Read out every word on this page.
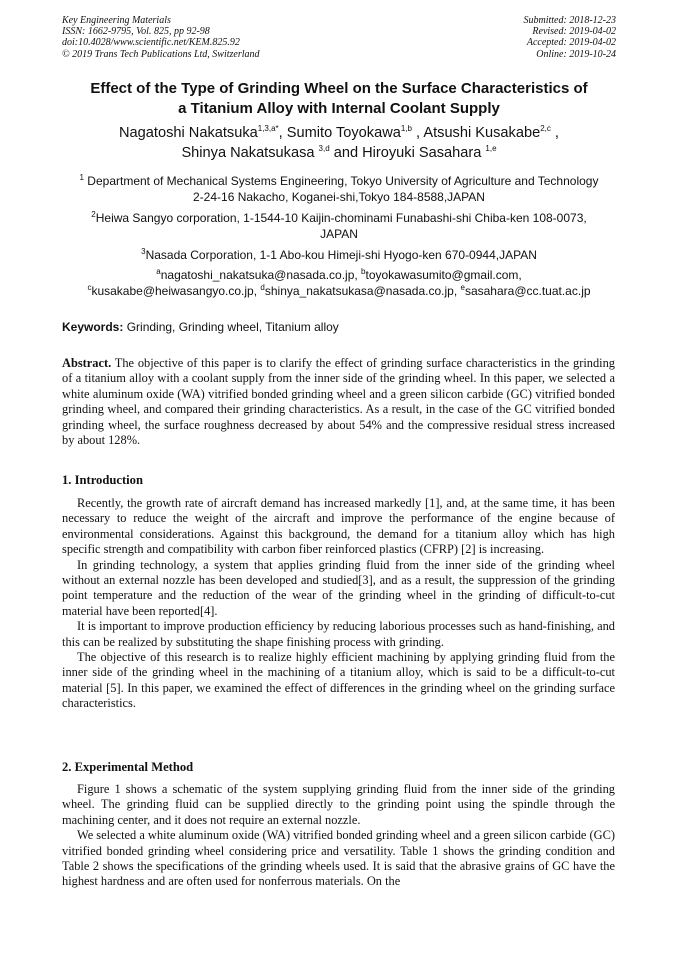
Key Engineering Materials
ISSN: 1662-9795, Vol. 825, pp 92-98
doi:10.4028/www.scientific.net/KEM.825.92
© 2019 Trans Tech Publications Ltd, Switzerland
Submitted: 2018-12-23
Revised: 2019-04-02
Accepted: 2019-04-02
Online: 2019-10-24
Effect of the Type of Grinding Wheel on the Surface Characteristics of
a Titanium Alloy with Internal Coolant Supply
Nagatoshi Nakatsuka$^{1,3,a*}$, Sumito Toyokawa$^{1,b}$ , Atsushi Kusakabe$^{2,c}$ ,
Shinya Nakatsukasa $^{3,d}$ and Hiroyuki Sasahara $^{1,e}$
$^1$ Department of Mechanical Systems Engineering, Tokyo University of Agriculture and Technology
2-24-16 Nakacho, Koganei-shi,Tokyo 184-8588,JAPAN
$^2$Heiwa Sangyo corporation, 1-1544-10 Kaijin-chominami Funabashi-shi Chiba-ken 108-0073,
JAPAN
$^3$Nasada Corporation, 1-1 Abo-kou Himeji-shi Hyogo-ken 670-0944,JAPAN
$^a$nagatoshi_nakatsuka@nasada.co.jp, $^b$toyokawasumito@gmail.com,
$^c$kusakabe@heiwasangyo.co.jp, $^d$shinya_nakatsukasa@nasada.co.jp, $^e$sasahara@cc.tuat.ac.jp
Keywords: Grinding, Grinding wheel, Titanium alloy

Abstract. The objective of this paper is to clarify the effect of grinding surface characteristics in the grinding of a titanium alloy with a coolant supply from the inner side of the grinding wheel. In this paper, we selected a white aluminum oxide (WA) vitrified bonded grinding wheel and a green silicon carbide (GC) vitrified bonded grinding wheel, and compared their grinding characteristics. As a result, in the case of the GC vitrified bonded grinding wheel, the surface roughness decreased by about 54% and the compressive residual stress increased by about 128%.

1. Introduction

Recently, the growth rate of aircraft demand has increased markedly [1], and, at the same time, it has been necessary to reduce the weight of the aircraft and improve the performance of the engine because of environmental considerations. Against this background, the demand for a titanium alloy which has high specific strength and compatibility with carbon fiber reinforced plastics (CFRP) [2] is increasing.

In grinding technology, a system that applies grinding fluid from the inner side of the grinding wheel without an external nozzle has been developed and studied[3], and as a result, the suppression of the grinding point temperature and the reduction of the wear of the grinding wheel in the grinding of difficult-to-cut material have been reported[4].

It is important to improve production efficiency by reducing laborious processes such as hand-finishing, and this can be realized by substituting the shape finishing process with grinding.

The objective of this research is to realize highly efficient machining by applying grinding fluid from the inner side of the grinding wheel in the machining of a titanium alloy, which is said to be a difficult-to-cut material [5]. In this paper, we examined the effect of differences in the grinding wheel on the grinding surface characteristics.

2. Experimental Method

Figure 1 shows a schematic of the system supplying grinding fluid from the inner side of the grinding wheel. The grinding fluid can be supplied directly to the grinding point using the spindle through the machining center, and it does not require an external nozzle.

We selected a white aluminum oxide (WA) vitrified bonded grinding wheel and a green silicon carbide (GC) vitrified bonded grinding wheel considering price and versatility. Table 1 shows the grinding condition and Table 2 shows the specifications of the grinding wheels used. It is said that the abrasive grains of GC have the highest hardness and are often used for nonferrous materials. On the
